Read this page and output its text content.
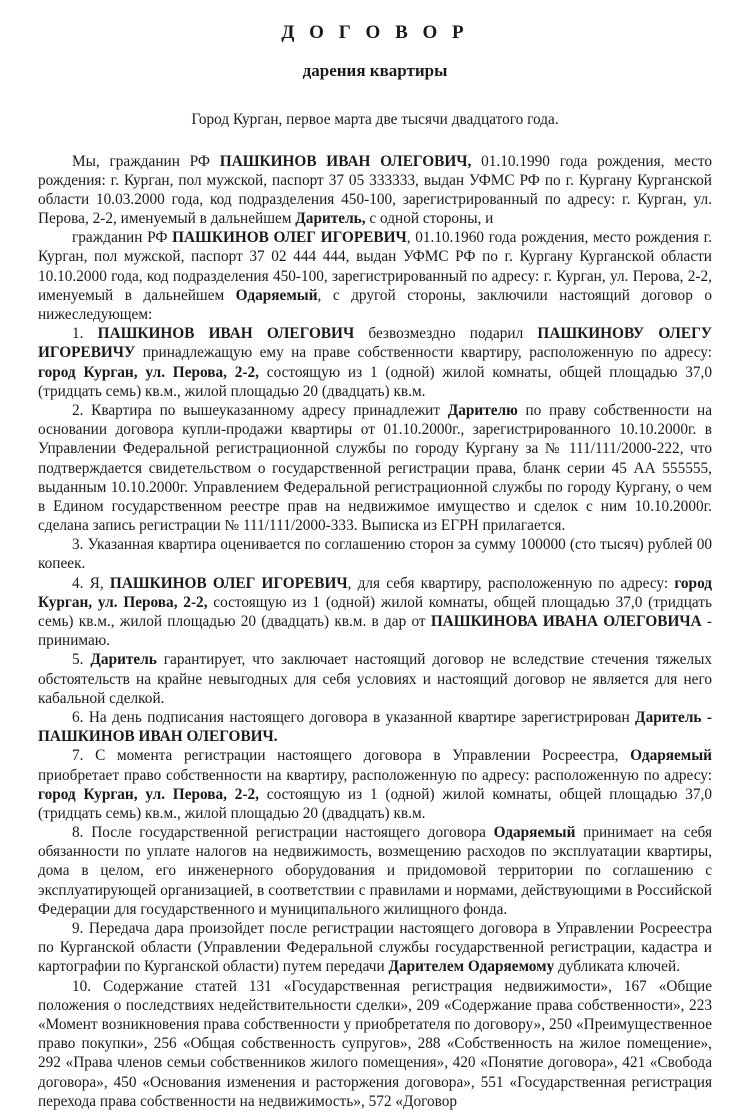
Д О Г О В О Р
дарения квартиры

Город Курган, первое марта две тысячи двадцатого года.

Мы, гражданин РФ ПАШКИНОВ ИВАН ОЛЕГОВИЧ, 01.10.1990 года рождения, место рождения: г. Курган, пол мужской, паспорт 37 05 333333, выдан УФМС РФ по г. Кургану Курганской области 10.03.2000 года, код подразделения 450-100, зарегистрированный по адресу: г. Курган, ул. Перова, 2-2, именуемый в дальнейшем Даритель, с одной стороны, и

гражданин РФ ПАШКИНОВ ОЛЕГ ИГОРЕВИЧ, 01.10.1960 года рождения, место рождения г. Курган, пол мужской, паспорт 37 02 444 444, выдан УФМС РФ по г. Кургану Курганской области 10.10.2000 года, код подразделения 450-100, зарегистрированный по адресу: г. Курган, ул. Перова, 2-2, именуемый в дальнейшем Одаряемый, с другой стороны, заключили настоящий договор о нижеследующем:

1. ПАШКИНОВ ИВАН ОЛЕГОВИЧ безвозмездно подарил ПАШКИНОВУ ОЛЕГУ ИГОРЕВИЧУ принадлежащую ему на праве собственности квартиру, расположенную по адресу: город Курган, ул. Перова, 2-2, состоящую из 1 (одной) жилой комнаты, общей площадью 37,0 (тридцать семь) кв.м., жилой площадью 20 (двадцать) кв.м.

2. Квартира по вышеуказанному адресу принадлежит Дарителю по праву собственности на основании договора купли-продажи квартиры от 01.10.2000г., зарегистрированного 10.10.2000г. в Управлении Федеральной регистрационной службы по городу Кургану за № 111/111/2000-222, что подтверждается свидетельством о государственной регистрации права, бланк серии 45 АА 555555, выданным 10.10.2000г. Управлением Федеральной регистрационной службы по городу Кургану, о чем в Едином государственном реестре прав на недвижимое имущество и сделок с ним 10.10.2000г. сделана запись регистрации № 111/111/2000-333. Выписка из ЕГРН прилагается.

3. Указанная квартира оценивается по соглашению сторон за сумму 100000 (сто тысяч) рублей 00 копеек.

4. Я, ПАШКИНОВ ОЛЕГ ИГОРЕВИЧ, для себя квартиру, расположенную по адресу: город Курган, ул. Перова, 2-2, состоящую из 1 (одной) жилой комнаты, общей площадью 37,0 (тридцать семь) кв.м., жилой площадью 20 (двадцать) кв.м. в дар от ПАШКИНОВА ИВАНА ОЛЕГОВИЧА - принимаю.

5. Даритель гарантирует, что заключает настоящий договор не вследствие стечения тяжелых обстоятельств на крайне невыгодных для себя условиях и настоящий договор не является для него кабальной сделкой.

6. На день подписания настоящего договора в указанной квартире зарегистрирован Даритель - ПАШКИНОВ ИВАН ОЛЕГОВИЧ.

7. С момента регистрации настоящего договора в Управлении Росреестра, Одаряемый приобретает право собственности на квартиру, расположенную по адресу: расположенную по адресу: город Курган, ул. Перова, 2-2, состоящую из 1 (одной) жилой комнаты, общей площадью 37,0 (тридцать семь) кв.м., жилой площадью 20 (двадцать) кв.м.

8. После государственной регистрации настоящего договора Одаряемый принимает на себя обязанности по уплате налогов на недвижимость, возмещению расходов по эксплуатации квартиры, дома в целом, его инженерного оборудования и придомовой территории по соглашению с эксплуатирующей организацией, в соответствии с правилами и нормами, действующими в Российской Федерации для государственного и муниципального жилищного фонда.

9. Передача дара произойдет после регистрации настоящего договора в Управлении Росреестра по Курганской области (Управлении Федеральной службы государственной регистрации, кадастра и картографии по Курганской области) путем передачи Дарителем Одаряемому дубликата ключей.

10. Содержание статей 131 «Государственная регистрация недвижимости», 167 «Общие положения о последствиях недействительности сделки», 209 «Содержание права собственности», 223 «Момент возникновения права собственности у приобретателя по договору», 250 «Преимущественное право покупки», 256 «Общая собственность супругов», 288 «Собственность на жилое помещение», 292 «Права членов семьи собственников жилого помещения», 420 «Понятие договора», 421 «Свобода договора», 450 «Основания изменения и расторжения договора», 551 «Государственная регистрация перехода права собственности на недвижимость», 572 «Договор
